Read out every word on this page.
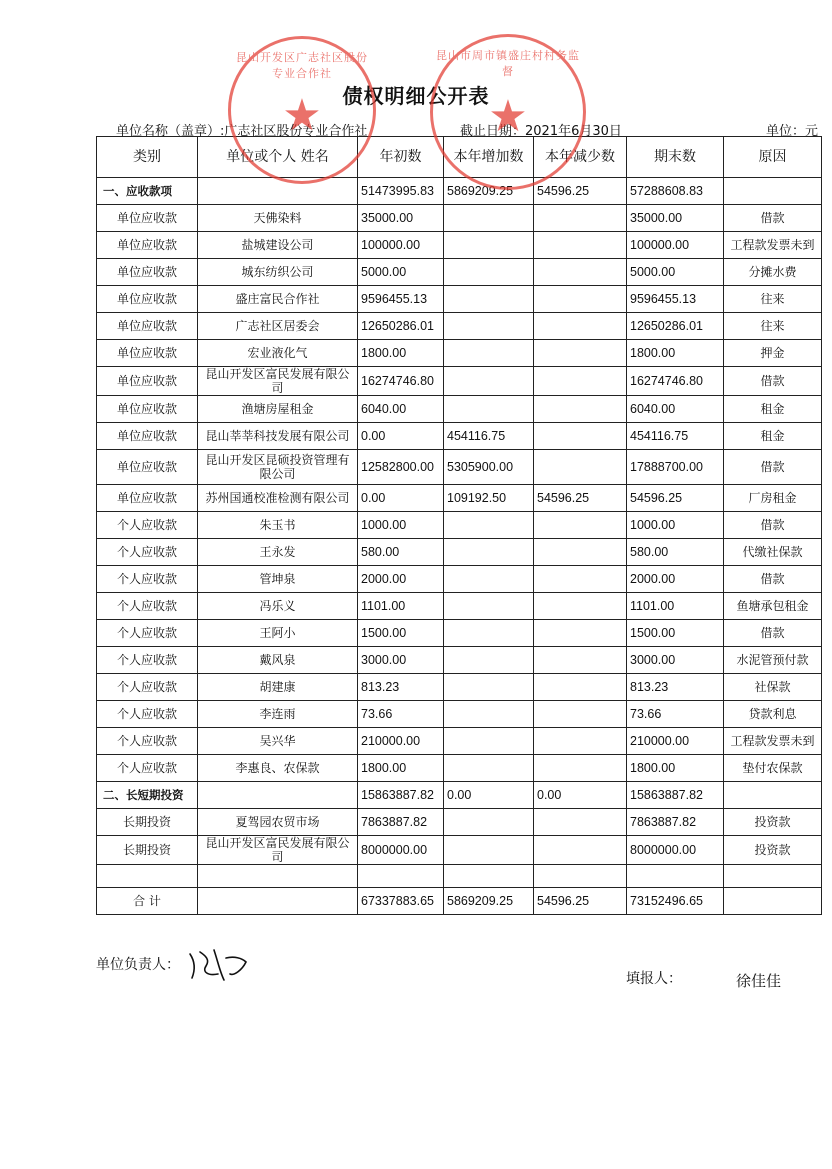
债权明细公开表
单位名称（盖章）:广志社区股份专业合作社	截止日期：2021年6月30日	单位：元
类别	单位或个人 姓名	年初数	本年增加数	本年减少数	期末数	原因
一、应收款项		51473995.83	5869209.25	54596.25	57288608.83	
单位应收款	天佛染料	35000.00			35000.00	借款
单位应收款	盐城建设公司	100000.00			100000.00	工程款发票未到
单位应收款	城东纺织公司	5000.00			5000.00	分摊水费
单位应收款	盛庄富民合作社	9596455.13			9596455.13	往来
单位应收款	广志社区居委会	12650286.01			12650286.01	往来
单位应收款	宏业液化气	1800.00			1800.00	押金
单位应收款	昆山开发区富民发展有限公司	16274746.80			16274746.80	借款
单位应收款	渔塘房屋租金	6040.00			6040.00	租金
单位应收款	昆山莘莘科技发展有限公司	0.00	454116.75		454116.75	租金
单位应收款	昆山开发区昆硕投资管理有限公司	12582800.00	5305900.00		17888700.00	借款
单位应收款	苏州国通校准检测有限公司	0.00	109192.50	54596.25	54596.25	厂房租金
个人应收款	朱玉书	1000.00			1000.00	借款
个人应收款	王永发	580.00			580.00	代缴社保款
个人应收款	管坤泉	2000.00			2000.00	借款
个人应收款	冯乐义	1101.00			1101.00	鱼塘承包租金
个人应收款	王阿小	1500.00			1500.00	借款
个人应收款	戴风泉	3000.00			3000.00	水泥管预付款
个人应收款	胡建康	813.23			813.23	社保款
个人应收款	李连雨	73.66			73.66	贷款利息
个人应收款	吴兴华	210000.00			210000.00	工程款发票未到
个人应收款	李惠良、农保款	1800.00			1800.00	垫付农保款
二、长短期投资		15863887.82	0.00	0.00	15863887.82	
长期投资	夏驾园农贸市场	7863887.82			7863887.82	投资款
长期投资	昆山开发区富民发展有限公司	8000000.00			8000000.00	投资款

合 计		67337883.65	5869209.25	54596.25	73152496.65	
昆山开发区广志社区股份专业合作社
★
昆山市周市镇盛庄村村务监督
★
单位负责人：
填报人：	徐佳佳
